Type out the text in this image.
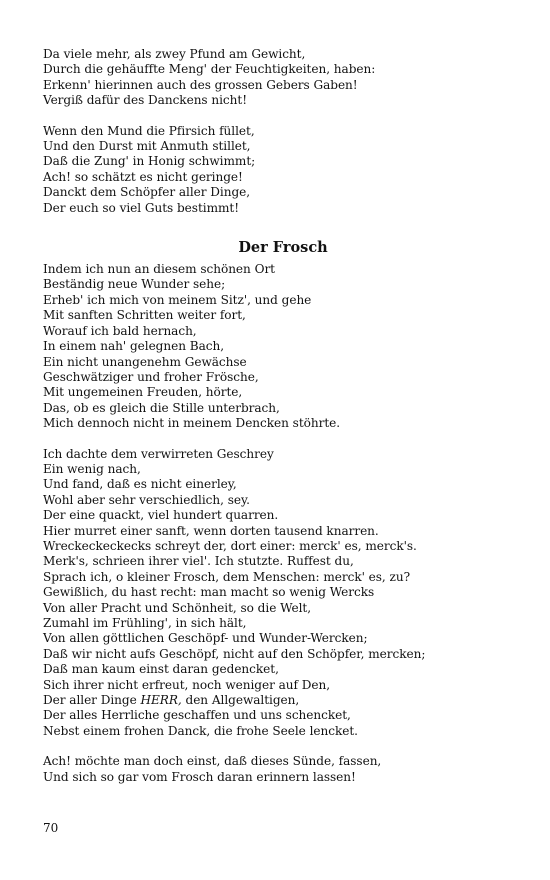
Da viele mehr, als zwey Pfund am Gewicht,
Durch die gehäuffte Meng' der Feuchtigkeiten, haben:
Erkenn' hierinnen auch des grossen Gebers Gaben!
Vergiß dafür des Danckens nicht!
Wenn den Mund die Pfirsich füllet,
Und den Durst mit Anmuth stillet,
Daß die Zung' in Honig schwimmt;
Ach! so schätzt es nicht geringe!
Danckt dem Schöpfer aller Dinge,
Der euch so viel Guts bestimmt!
Der Frosch
Indem ich nun an diesem schönen Ort
Beständig neue Wunder sehe;
Erheb' ich mich von meinem Sitz', und gehe
Mit sanften Schritten weiter fort,
Worauf ich bald hernach,
In einem nah' gelegnen Bach,
Ein nicht unangenehm Gewächse
Geschwätziger und froher Frösche,
Mit ungemeinen Freuden, hörte,
Das, ob es gleich die Stille unterbrach,
Mich dennoch nicht in meinem Dencken stöhrte.
Ich dachte dem verwirreten Geschrey
Ein wenig nach,
Und fand, daß es nicht einerley,
Wohl aber sehr verschiedlich, sey.
Der eine quackt, viel hundert quarren.
Hier murret einer sanft, wenn dorten tausend knarren.
Wreckeckeckecks schreyt der, dort einer: merck' es, merck's.
Merk's, schrieen ihrer viel'. Ich stutzte. Ruffest du,
Sprach ich, o kleiner Frosch, dem Menschen: merck' es, zu?
Gewißlich, du hast recht: man macht so wenig Wercks
Von aller Pracht und Schönheit, so die Welt,
Zumahl im Frühling', in sich hält,
Von allen göttlichen Geschöpf- und Wunder-Wercken;
Daß wir nicht aufs Geschöpf, nicht auf den Schöpfer, mercken;
Daß man kaum einst daran gedencket,
Sich ihrer nicht erfreut, noch weniger auf Den,
Der aller Dinge HERR, den Allgewaltigen,
Der alles Herrliche geschaffen und uns schencket,
Nebst einem frohen Danck, die frohe Seele lencket.
Ach! möchte man doch einst, daß dieses Sünde, fassen,
Und sich so gar vom Frosch daran erinnern lassen!
70
